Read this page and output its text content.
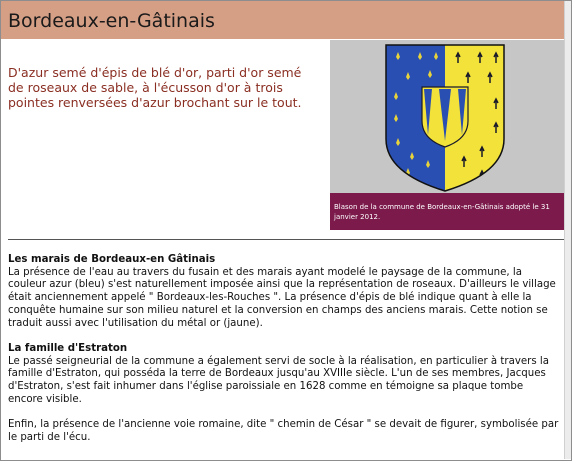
Bordeaux-en-Gâtinais
D'azur semé d'épis de blé d'or, parti d'or semé de roseaux de sable, à l'écusson d'or à trois pointes renversées d'azur brochant sur le tout.
Blason de la commune de Bordeaux-en-Gâtinais adopté le 31 janvier 2012.
Les marais de Bordeaux-en Gâtinais

La présence de l'eau au travers du fusain et des marais ayant modelé le paysage de la commune, la couleur azur (bleu) s'est naturellement imposée ainsi que la représentation de roseaux. D'ailleurs le village était anciennement appelé " Bordeaux-les-Rouches ". La présence d'épis de blé indique quant à elle la conquête humaine sur son milieu naturel et la conversion en champs des anciens marais. Cette notion se traduit aussi avec l'utilisation du métal or (jaune).

La famille d'Estraton

Le passé seigneurial de la commune a également servi de socle à la réalisation, en particulier à travers la famille d'Estraton, qui posséda la terre de Bordeaux jusqu'au XVIIIe siècle. L'un de ses membres, Jacques d'Estraton, s'est fait inhumer dans l'église paroissiale en 1628 comme en témoigne sa plaque tombe encore visible.

Enfin, la présence de l'ancienne voie romaine, dite " chemin de César " se devait de figurer, symbolisée par le parti de l'écu.
